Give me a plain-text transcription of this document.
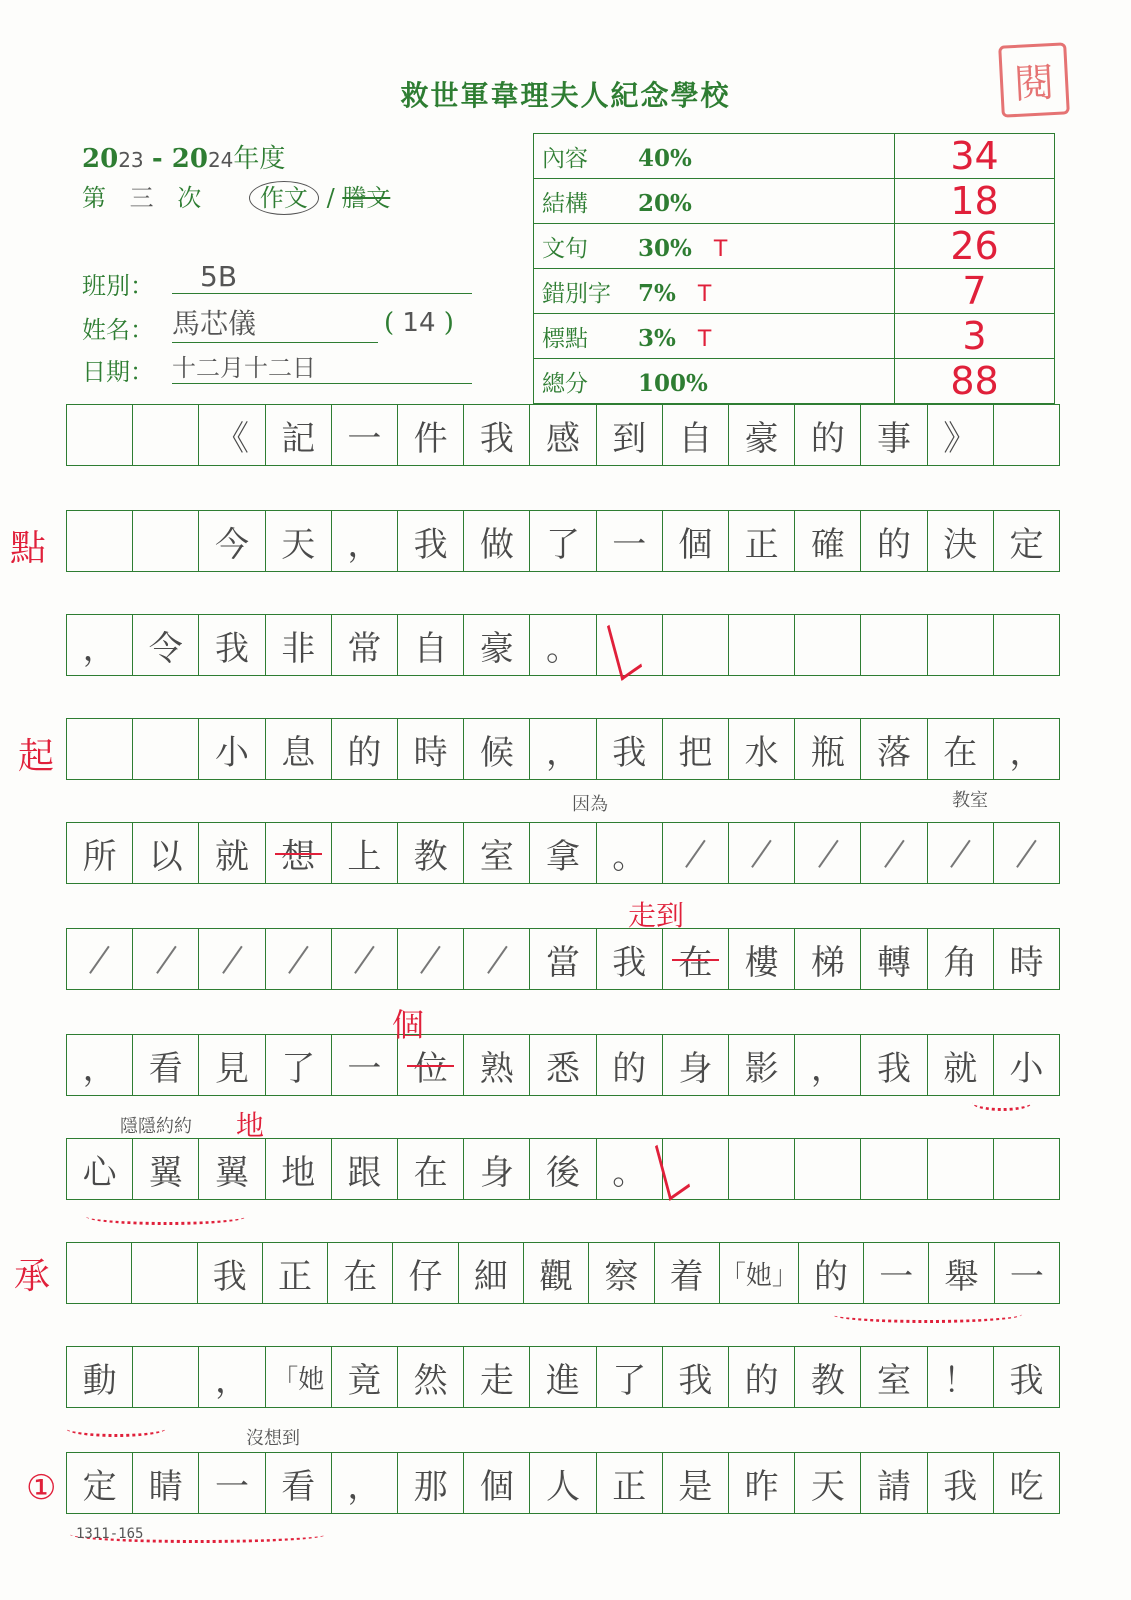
救世軍韋理夫人紀念學校	閱
2023 - 2024年度
第 三 次 作文 / 謄文
班別：	5B
姓名： 馬芯儀	( 14 )
日期： 十二月十二日
內容 40%	34
結構 20%	18
文句 30% T	26
錯別字 7% T	7
標點 3% T	3
總分 100%	88
《 記 一 件 我 感 到 自 豪 的 事 》
今 天 ， 我 做 了 一 個 正 確 的 決 定
， 令 我 非 常 自 豪 。
小 息 的 時 候 ， 我 把 水 瓶 落 在 ，
所 以 就 想 上 教 室 拿 。
當 我 在 樓 梯 轉 角 時
， 看 見 了 一 位 熟 悉 的 身 影 ， 我 就 小
心 翼 翼 地 跟 在 身 後 。
我 正 在 仔 細 觀 察 着 「她」 的 一 舉 一
動	， 「她 竟 然 走 進 了 我 的 教 室 ！ 我
定 睛 一 看 ， 那 個 人 正 是 昨 天 請 我 吃
點
起
承
①
因為	教室
走到
個
隱隱約約 地
沒想到
1311-165
